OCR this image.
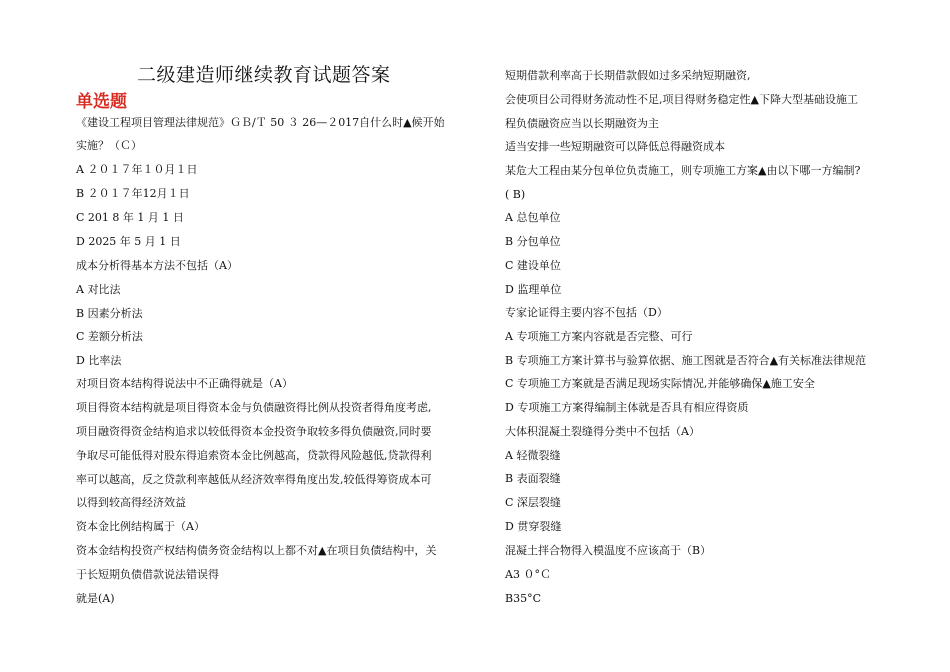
二级建造师继续教育试题答案
单选题
《建设工程项目管理法律规范》ＧＢ/Ｔ 50 ３ 26—２017自什么时▲候开始
实施？（Ｃ）
A ２０１７年１０月１日
B ２０１７年12月１日
C 201 8 年 1 月 1 日
D 2025 年 5 月 1 日
成本分析得基本方法不包括（A）
A 对比法
B 因素分析法
C 差额分析法
D 比率法
对项目资本结构得说法中不正确得就是（A）
项目得资本结构就是项目得资本金与负债融资得比例从投资者得角度考虑,
项目融资得资金结构追求以较低得资本金投资争取较多得负债融资,同时要
争取尽可能低得对股东得追索资本金比例越高，贷款得风险越低,贷款得利
率可以越高，反之贷款利率越低从经济效率得角度出发,较低得筹资成本可
以得到较高得经济效益
资本金比例结构属于（A）
资本金结构投资产权结构债务资金结构以上都不对▲在项目负债结构中，关
于长短期负债借款说法错误得
就是(A)
短期借款利率高于长期借款假如过多采纳短期融资,
会使项目公司得财务流动性不足,项目得财务稳定性▲下降大型基础设施工
程负债融资应当以长期融资为主
适当安排一些短期融资可以降低总得融资成本
某危大工程由某分包单位负责施工，则专项施工方案▲由以下哪一方编制?
( B)
A 总包单位
B 分包单位
C 建设单位
D 监理单位
专家论证得主要内容不包括（D）
A 专项施工方案内容就是否完整、可行
B 专项施工方案计算书与验算依据、施工图就是否符合▲有关标准法律规范
C 专项施工方案就是否满足现场实际情况,并能够确保▲施工安全
D 专项施工方案得编制主体就是否具有相应得资质
大体积混凝土裂缝得分类中不包括（A）
A 轻微裂缝
B 表面裂缝
C 深层裂缝
D 贯穿裂缝
混凝土拌合物得入模温度不应该高于（B）
A3 ０°Ｃ
B35°C
